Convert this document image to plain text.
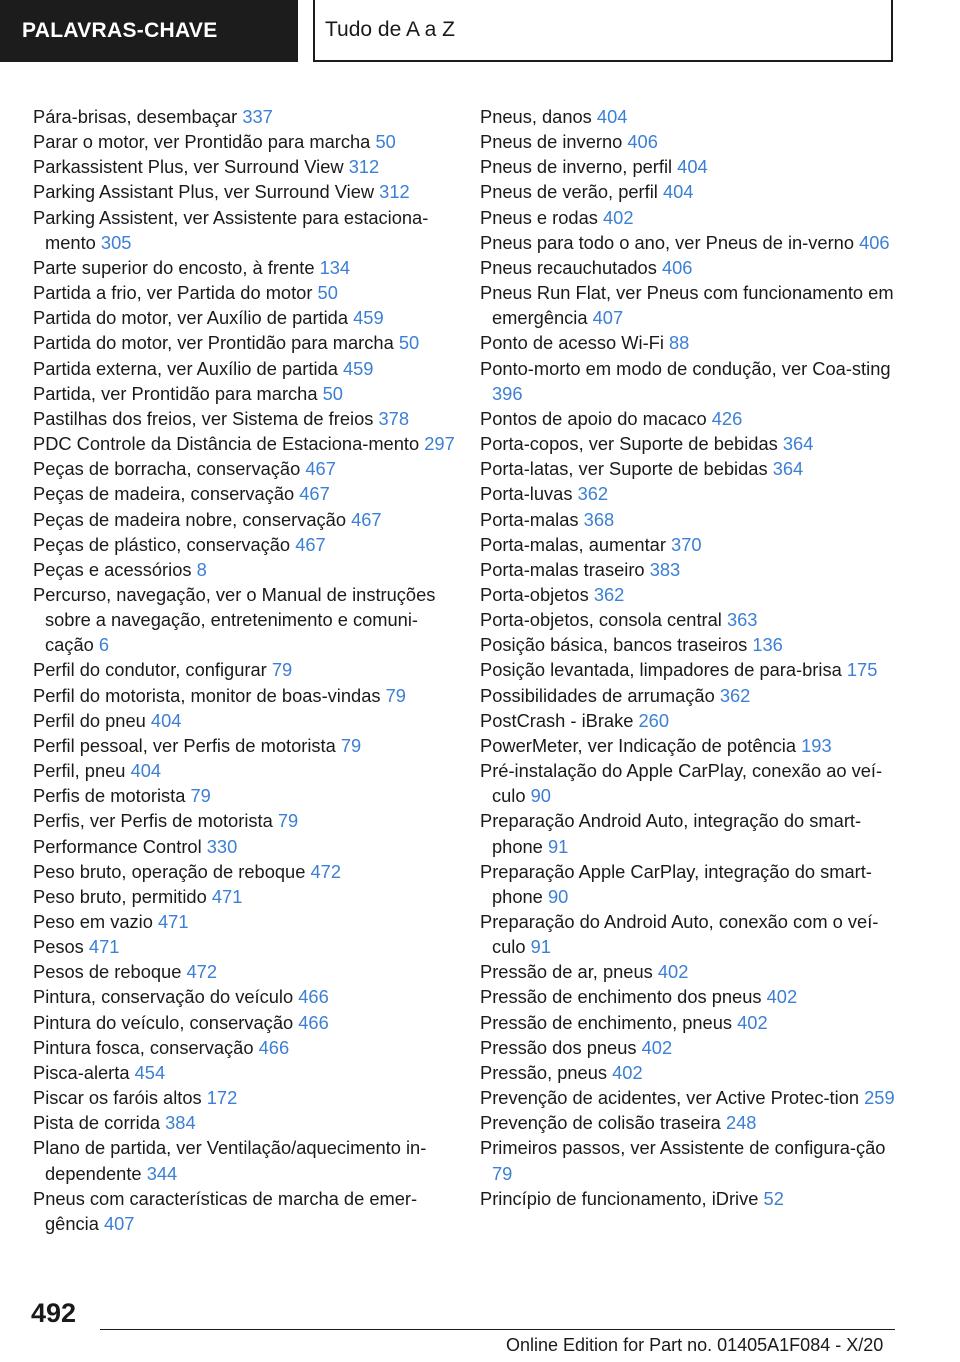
PALAVRAS-CHAVE	Tudo de A a Z
Pára-brisas, desembaçar 337
Parar o motor, ver Prontidão para marcha 50
Parkassistent Plus, ver Surround View 312
Parking Assistant Plus, ver Surround View 312
Parking Assistent, ver Assistente para estaciona-mento 305
Parte superior do encosto, à frente 134
Partida a frio, ver Partida do motor 50
Partida do motor, ver Auxílio de partida 459
Partida do motor, ver Prontidão para marcha 50
Partida externa, ver Auxílio de partida 459
Partida, ver Prontidão para marcha 50
Pastilhas dos freios, ver Sistema de freios 378
PDC Controle da Distância de Estaciona-mento 297
Peças de borracha, conservação 467
Peças de madeira, conservação 467
Peças de madeira nobre, conservação 467
Peças de plástico, conservação 467
Peças e acessórios 8
Percurso, navegação, ver o Manual de instruções sobre a navegação, entretenimento e comuni-cação 6
Perfil do condutor, configurar 79
Perfil do motorista, monitor de boas-vindas 79
Perfil do pneu 404
Perfil pessoal, ver Perfis de motorista 79
Perfil, pneu 404
Perfis de motorista 79
Perfis, ver Perfis de motorista 79
Performance Control 330
Peso bruto, operação de reboque 472
Peso bruto, permitido 471
Peso em vazio 471
Pesos 471
Pesos de reboque 472
Pintura, conservação do veículo 466
Pintura do veículo, conservação 466
Pintura fosca, conservação 466
Pisca-alerta 454
Piscar os faróis altos 172
Pista de corrida 384
Plano de partida, ver Ventilação/aquecimento in-dependente 344
Pneus com características de marcha de emer-gência 407
Pneus, danos 404
Pneus de inverno 406
Pneus de inverno, perfil 404
Pneus de verão, perfil 404
Pneus e rodas 402
Pneus para todo o ano, ver Pneus de in-verno 406
Pneus recauchutados 406
Pneus Run Flat, ver Pneus com funcionamento em emergência 407
Ponto de acesso Wi-Fi 88
Ponto-morto em modo de condução, ver Coa-sting 396
Pontos de apoio do macaco 426
Porta-copos, ver Suporte de bebidas 364
Porta-latas, ver Suporte de bebidas 364
Porta-luvas 362
Porta-malas 368
Porta-malas, aumentar 370
Porta-malas traseiro 383
Porta-objetos 362
Porta-objetos, consola central 363
Posição básica, bancos traseiros 136
Posição levantada, limpadores de para-brisa 175
Possibilidades de arrumação 362
PostCrash - iBrake 260
PowerMeter, ver Indicação de potência 193
Pré-instalação do Apple CarPlay, conexão ao veí-culo 90
Preparação Android Auto, integração do smart-phone 91
Preparação Apple CarPlay, integração do smart-phone 90
Preparação do Android Auto, conexão com o veí-culo 91
Pressão de ar, pneus 402
Pressão de enchimento dos pneus 402
Pressão de enchimento, pneus 402
Pressão dos pneus 402
Pressão, pneus 402
Prevenção de acidentes, ver Active Protec-tion 259
Prevenção de colisão traseira 248
Primeiros passos, ver Assistente de configura-ção 79
Princípio de funcionamento, iDrive 52
492
Online Edition for Part no. 01405A1F084 - X/20
